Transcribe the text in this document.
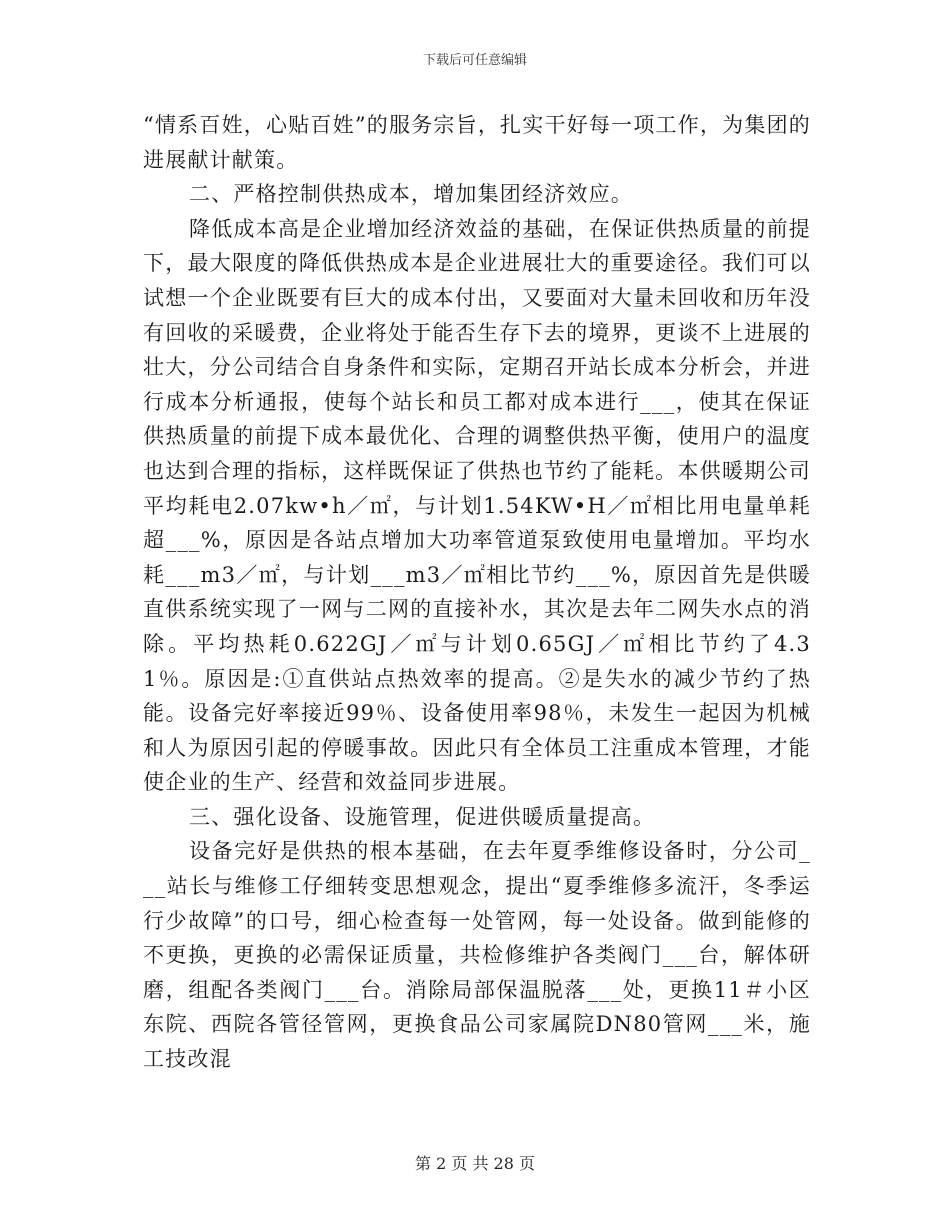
下载后可任意编辑

“情系百姓，心贴百姓”的服务宗旨，扎实干好每一项工作，为集团的进展献计献策。

二、严格控制供热成本，增加集团经济效应。

降低成本高是企业增加经济效益的基础，在保证供热质量的前提下，最大限度的降低供热成本是企业进展壮大的重要途径。我们可以试想一个企业既要有巨大的成本付出，又要面对大量未回收和历年没有回收的采暖费，企业将处于能否生存下去的境界，更谈不上进展的壮大，分公司结合自身条件和实际，定期召开站长成本分析会，并进行成本分析通报，使每个站长和员工都对成本进行___，使其在保证供热质量的前提下成本最优化、合理的调整供热平衡，使用户的温度也达到合理的指标，这样既保证了供热也节约了能耗。本供暖期公司平均耗电2.07kw•h／㎡，与计划1.54KW•H／㎡相比用电量单耗超___%，原因是各站点增加大功率管道泵致使用电量增加。平均水耗___m3／㎡，与计划___m3／㎡相比节约___%，原因首先是供暖直供系统实现了一网与二网的直接补水，其次是去年二网失水点的消除。平均热耗0.622GJ／㎡与计划0.65GJ／㎡相比节约了4.31％。原因是:①直供站点热效率的提高。②是失水的减少节约了热能。设备完好率接近99％、设备使用率98％，未发生一起因为机械和人为原因引起的停暖事故。因此只有全体员工注重成本管理，才能使企业的生产、经营和效益同步进展。

三、强化设备、设施管理，促进供暖质量提高。

设备完好是供热的根本基础，在去年夏季维修设备时，分公司___站长与维修工仔细转变思想观念，提出“夏季维修多流汗，冬季运行少故障”的口号，细心检查每一处管网，每一处设备。做到能修的不更换，更换的必需保证质量，共检修维护各类阀门___台，解体研磨，组配各类阀门___台。消除局部保温脱落___处，更换11＃小区东院、西院各管径管网，更换食品公司家属院DN80管网___米，施工技改混

第 2 页 共 28 页
